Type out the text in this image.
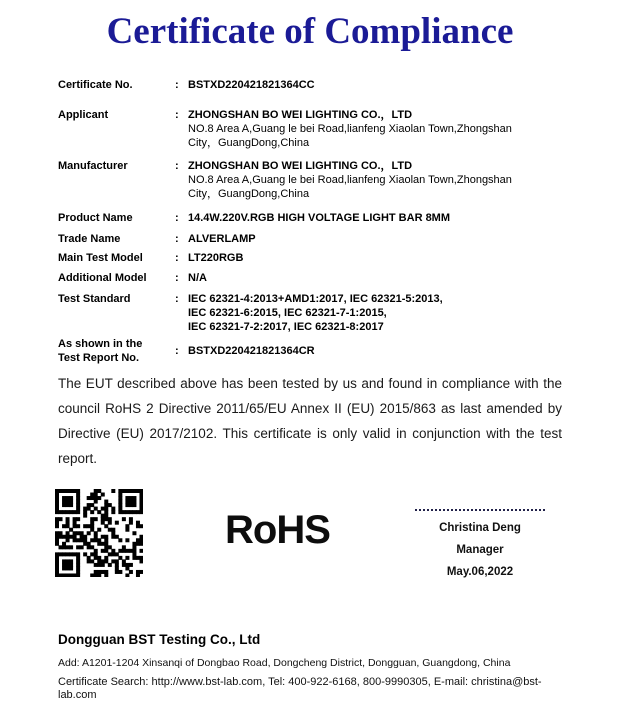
Certificate of Compliance
Certificate No.	: BSTXD220421821364CC
Applicant	: ZHONGSHAN BO WEI LIGHTING CO.，LTD
NO.8 Area A,Guang le bei Road,lianfeng Xiaolan Town,Zhongshan
City，GuangDong,China
Manufacturer	: ZHONGSHAN BO WEI LIGHTING CO.，LTD
NO.8 Area A,Guang le bei Road,lianfeng Xiaolan Town,Zhongshan
City，GuangDong,China
Product Name	: 14.4W.220V.RGB HIGH VOLTAGE LIGHT BAR 8MM
Trade Name	: ALVERLAMP
Main Test Model	: LT220RGB
Additional Model	: N/A
Test Standard	: IEC 62321-4:2013+AMD1:2017, IEC 62321-5:2013,
IEC 62321-6:2015, IEC 62321-7-1:2015,
IEC 62321-7-2:2017, IEC 62321-8:2017
As shown in the
Test Report No.
: BSTXD220421821364CR

The EUT described above has been tested by us and found in compliance with the council RoHS 2 Directive 2011/65/EU Annex II (EU) 2015/863 as last amended by Directive (EU) 2017/2102. This certificate is only valid in conjunction with the test report.

RoHS	Christina Deng
Manager
May.06,2022
Dongguan BST Testing Co., Ltd
Add: A1201-1204 Xinsanqi of Dongbao Road, Dongcheng District, Dongguan, Guangdong, China
Certificate Search: http://www.bst-lab.com, Tel: 400-922-6168, 800-9990305, E-mail: christina@bst-lab.com
